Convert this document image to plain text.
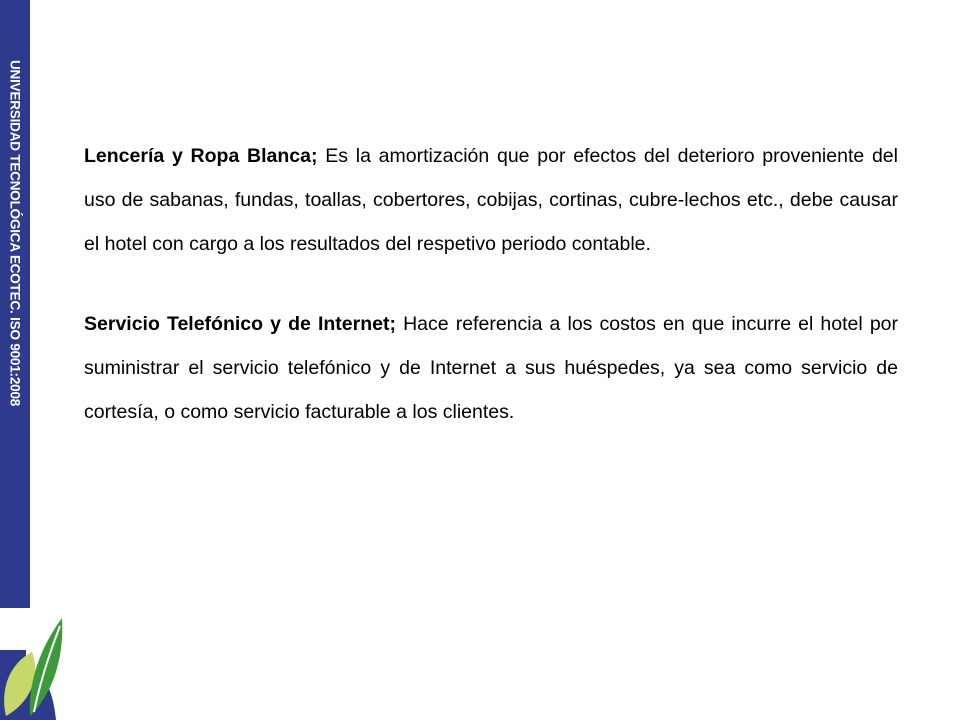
UNIVERSIDAD TECNOLÓGICA ECOTEC. ISO 9001:2008	Lencería y Ropa Blanca; Es la amortización que por efectos del deterioro proveniente del uso de sabanas, fundas, toallas, cobertores, cobijas, cortinas, cubre-lechos etc., debe causar el hotel con cargo a los resultados del respetivo periodo contable.

Servicio Telefónico y de Internet; Hace referencia a los costos en que incurre el hotel por suministrar el servicio telefónico y de Internet a sus huéspedes, ya sea como servicio de cortesía, o como servicio facturable a los clientes.
